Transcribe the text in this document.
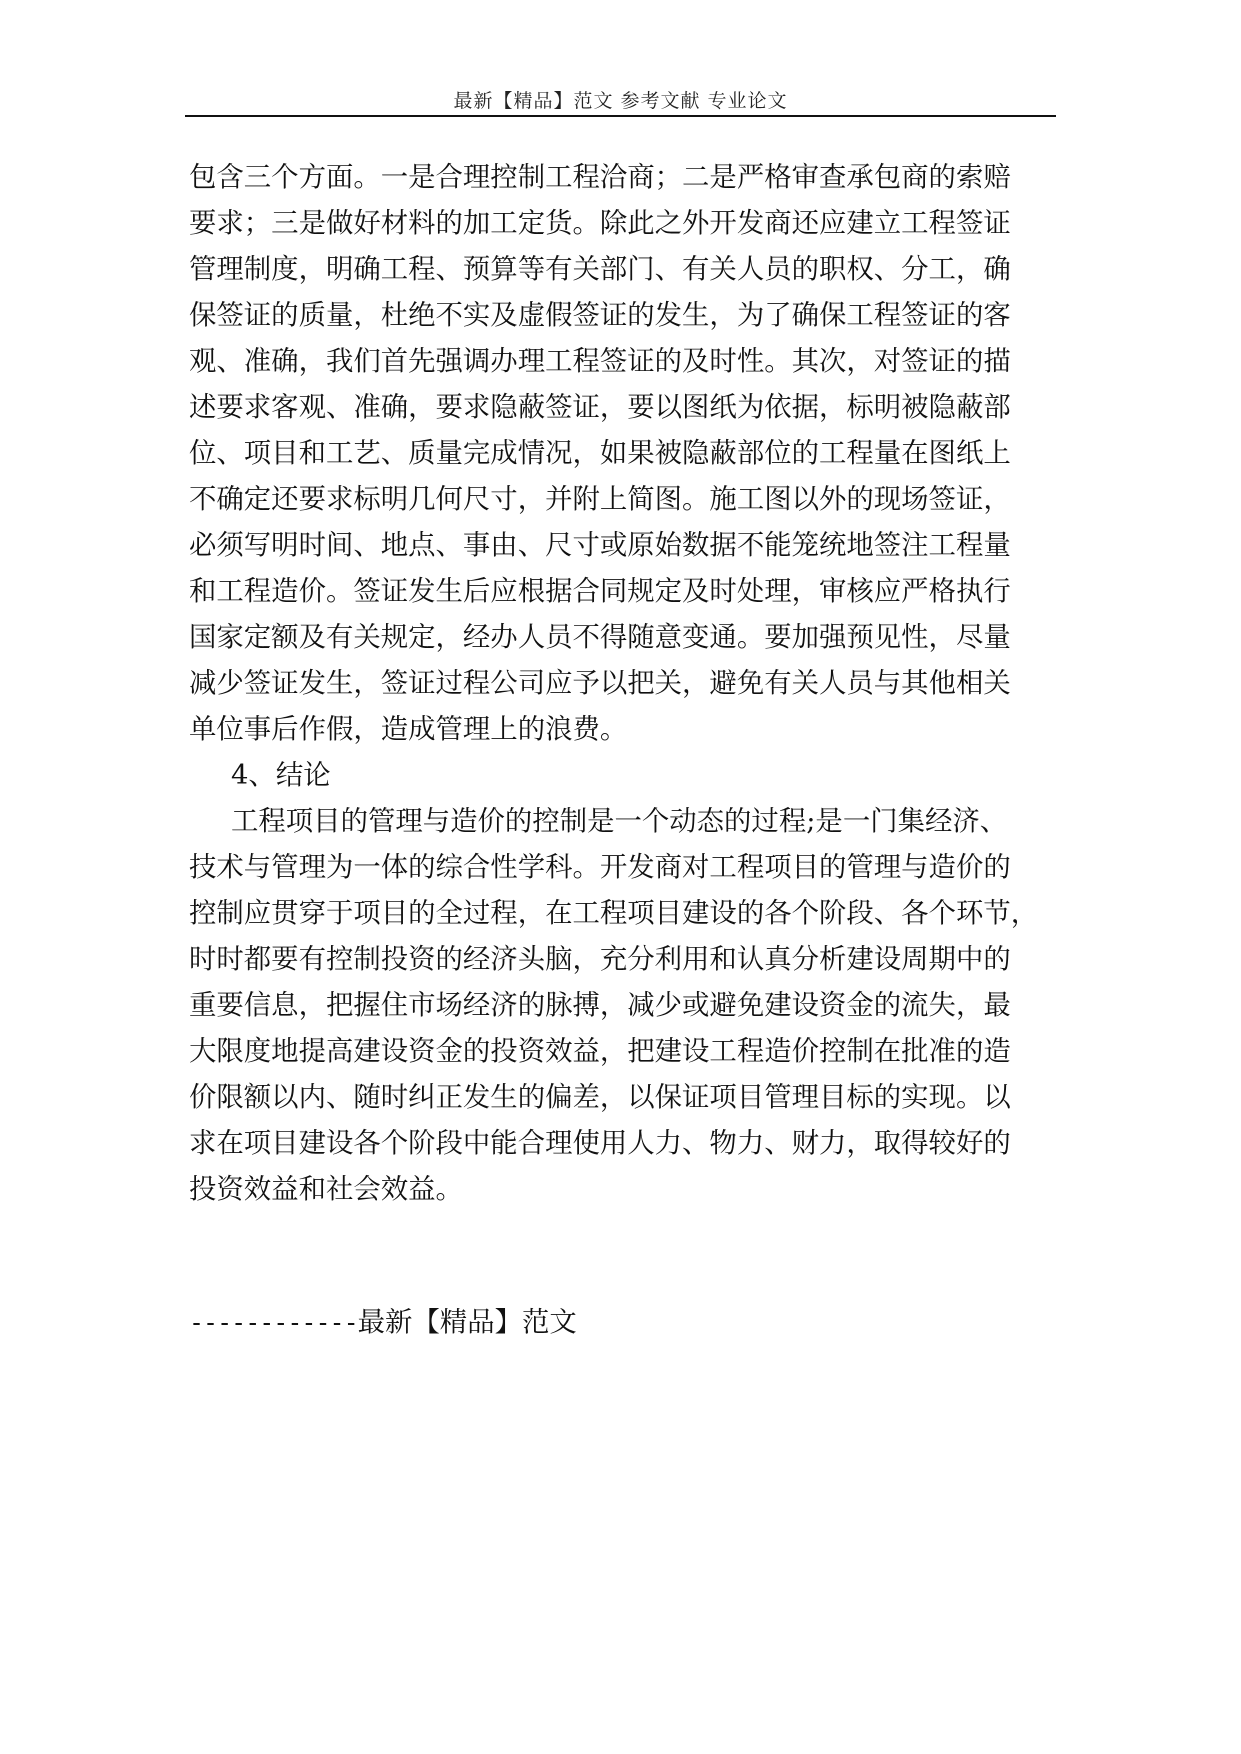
最新【精品】范文 参考文献 专业论文
包含三个方面。一是合理控制工程洽商；二是严格审查承包商的索赔
要求；三是做好材料的加工定货。除此之外开发商还应建立工程签证
管理制度，明确工程、预算等有关部门、有关人员的职权、分工，确
保签证的质量，杜绝不实及虚假签证的发生，为了确保工程签证的客
观、准确，我们首先强调办理工程签证的及时性。其次，对签证的描
述要求客观、准确，要求隐蔽签证，要以图纸为依据，标明被隐蔽部
位、项目和工艺、质量完成情况，如果被隐蔽部位的工程量在图纸上
不确定还要求标明几何尺寸，并附上简图。施工图以外的现场签证，
必须写明时间、地点、事由、尺寸或原始数据不能笼统地签注工程量
和工程造价。签证发生后应根据合同规定及时处理，审核应严格执行
国家定额及有关规定，经办人员不得随意变通。要加强预见性，尽量
减少签证发生，签证过程公司应予以把关，避免有关人员与其他相关
单位事后作假，造成管理上的浪费。
4、结论
工程项目的管理与造价的控制是一个动态的过程;是一门集经济、
技术与管理为一体的综合性学科。开发商对工程项目的管理与造价的
控制应贯穿于项目的全过程，在工程项目建设的各个阶段、各个环节，
时时都要有控制投资的经济头脑，充分利用和认真分析建设周期中的
重要信息，把握住市场经济的脉搏，减少或避免建设资金的流失，最
大限度地提高建设资金的投资效益，把建设工程造价控制在批准的造
价限额以内、随时纠正发生的偏差，以保证项目管理目标的实现。以
求在项目建设各个阶段中能合理使用人力、物力、财力，取得较好的
投资效益和社会效益。
------------最新【精品】范文
